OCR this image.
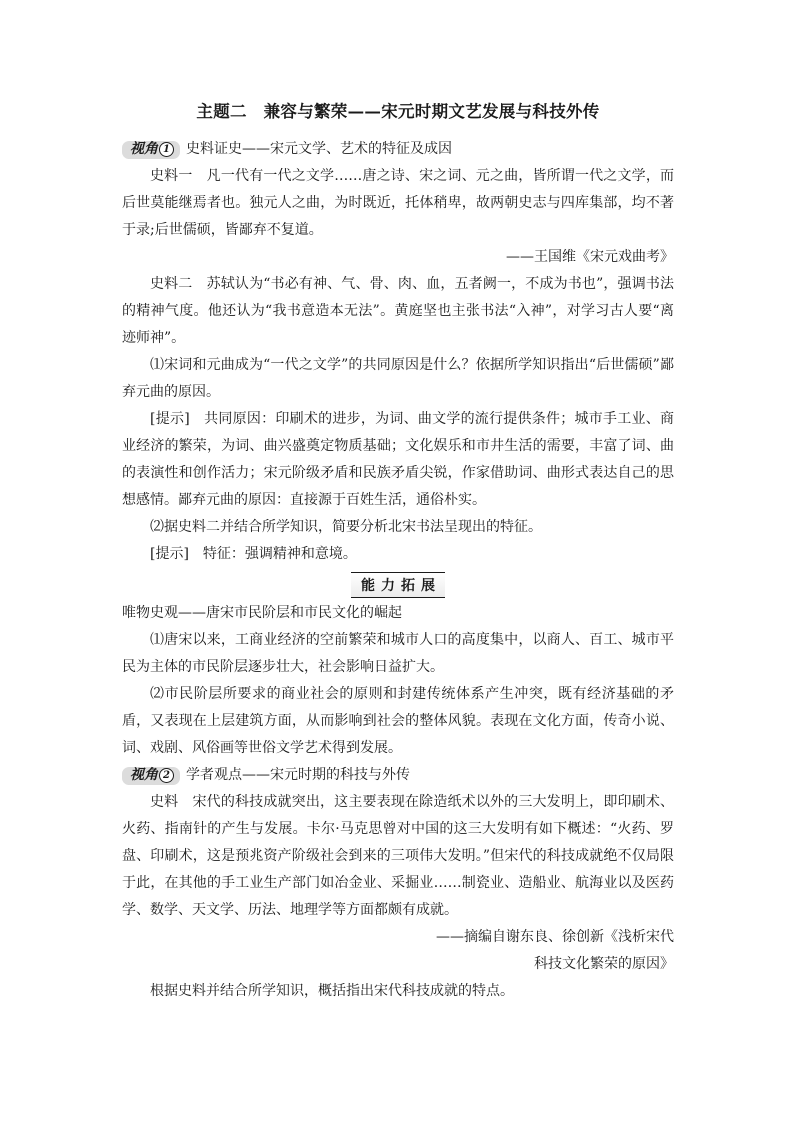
主题二　兼容与繁荣——宋元时期文艺发展与科技外传
视角 1 史料证史——宋元文学、艺术的特征及成因

史料一　凡一代有一代之文学……唐之诗、宋之词、元之曲，皆所谓一代之文学，而后世莫能继焉者也。独元人之曲，为时既近，托体稍卑，故两朝史志与四库集部，均不著于录;后世儒硕，皆鄙弃不复道。

——王国维《宋元戏曲考》

史料二　苏轼认为“书必有神、气、骨、肉、血，五者阙一，不成为书也”，强调书法的精神气度。他还认为“我书意造本无法”。黄庭坚也主张书法“入神”，对学习古人要“离迹师神”。

⑴宋词和元曲成为“一代之文学”的共同原因是什么？依据所学知识指出“后世儒硕”鄙弃元曲的原因。

[提示]　共同原因：印刷术的进步，为词、曲文学的流行提供条件；城市手工业、商业经济的繁荣，为词、曲兴盛奠定物质基础；文化娱乐和市井生活的需要，丰富了词、曲的表演性和创作活力；宋元阶级矛盾和民族矛盾尖锐，作家借助词、曲形式表达自己的思想感情。鄙弃元曲的原因：直接源于百姓生活，通俗朴实。

⑵据史料二并结合所学知识，简要分析北宋书法呈现出的特征。

[提示]　特征：强调精神和意境。

能力拓展

唯物史观——唐宋市民阶层和市民文化的崛起

⑴唐宋以来，工商业经济的空前繁荣和城市人口的高度集中，以商人、百工、城市平民为主体的市民阶层逐步壮大，社会影响日益扩大。

⑵市民阶层所要求的商业社会的原则和封建传统体系产生冲突，既有经济基础的矛盾，又表现在上层建筑方面，从而影响到社会的整体风貌。表现在文化方面，传奇小说、词、戏剧、风俗画等世俗文学艺术得到发展。

视角 2 学者观点——宋元时期的科技与外传

史料　宋代的科技成就突出，这主要表现在除造纸术以外的三大发明上，即印刷术、火药、指南针的产生与发展。卡尔·马克思曾对中国的这三大发明有如下概述：“火药、罗盘、印刷术，这是预兆资产阶级社会到来的三项伟大发明。”但宋代的科技成就绝不仅局限于此，在其他的手工业生产部门如冶金业、采掘业……制瓷业、造船业、航海业以及医药学、数学、天文学、历法、地理学等方面都颇有成就。

——摘编自谢东良、徐创新《浅析宋代

科技文化繁荣的原因》

根据史料并结合所学知识，概括指出宋代科技成就的特点。
